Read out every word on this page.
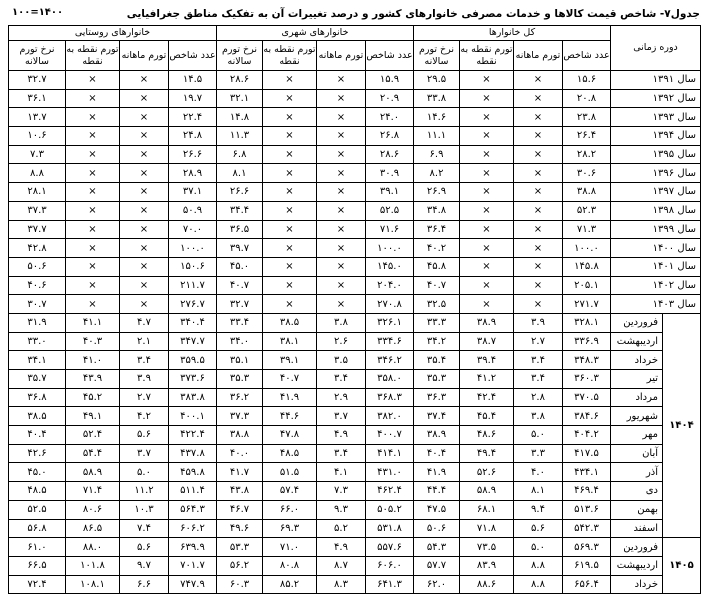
جدول۷- شاخص قیمت کالاها و خدمات مصرفی خانوارهای کشور و درصد تغییرات آن به تفکیک مناطق جغرافیایی
۱۴۰۰=۱۰۰
دوره زمانی		کل خانوارها				خانوارهای شهری				خانوارهای روستایی			
		عدد شاخص	تورم ماهانه	تورم نقطه به نقطه	نرخ تورم سالانه	عدد شاخص	تورم ماهانه	تورم نقطه به نقطه	نرخ تورم سالانه	عدد شاخص	تورم ماهانه	تورم نقطه به نقطه	نرخ تورم سالانه
سال ۱۳۹۱		۱۵.۶	×	×	۲۹.۵	۱۵.۹	×	×	۲۸.۶	۱۴.۵	×	×	۳۲.۷
سال ۱۳۹۲		۲۰.۸	×	×	۳۳.۸	۲۰.۹	×	×	۳۲.۱	۱۹.۷	×	×	۳۶.۱
سال ۱۳۹۳		۲۳.۸	×	×	۱۴.۶	۲۴.۰	×	×	۱۴.۸	۲۲.۴	×	×	۱۳.۷
سال ۱۳۹۴		۲۶.۴	×	×	۱۱.۱	۲۶.۸	×	×	۱۱.۳	۲۴.۸	×	×	۱۰.۶
سال ۱۳۹۵		۲۸.۲	×	×	۶.۹	۲۸.۶	×	×	۶.۸	۲۶.۶	×	×	۷.۳
سال ۱۳۹۶		۳۰.۶	×	×	۸.۲	۳۰.۹	×	×	۸.۱	۲۸.۹	×	×	۸.۸
سال ۱۳۹۷		۳۸.۸	×	×	۲۶.۹	۳۹.۱	×	×	۲۶.۶	۳۷.۱	×	×	۲۸.۱
سال ۱۳۹۸		۵۲.۳	×	×	۳۴.۸	۵۲.۵	×	×	۳۴.۴	۵۰.۹	×	×	۳۷.۳
سال ۱۳۹۹		۷۱.۳	×	×	۳۶.۴	۷۱.۶	×	×	۳۶.۵	۷۰.۰	×	×	۳۷.۷
سال ۱۴۰۰		۱۰۰.۰	×	×	۴۰.۲	۱۰۰.۰	×	×	۳۹.۷	۱۰۰.۰	×	×	۴۲.۸
سال ۱۴۰۱		۱۴۵.۸	×	×	۴۵.۸	۱۴۵.۰	×	×	۴۵.۰	۱۵۰.۶	×	×	۵۰.۶
سال ۱۴۰۲		۲۰۵.۱	×	×	۴۰.۷	۲۰۴.۰	×	×	۴۰.۷	۲۱۱.۷	×	×	۴۰.۶
سال ۱۴۰۳		۲۷۱.۷	×	×	۳۲.۵	۲۷۰.۸	×	×	۳۲.۷	۲۷۶.۷	×	×	۳۰.۷
۱۴۰۴	فروردین	۳۲۸.۱	۳.۹	۳۸.۹	۳۳.۳	۳۲۶.۱	۳.۸	۳۸.۵	۳۳.۴	۳۴۰.۴	۴.۷	۴۱.۱	۳۱.۹
	اردیبهشت	۳۳۶.۹	۲.۷	۳۸.۷	۳۴.۲	۳۳۴.۶	۲.۶	۳۸.۱	۳۴.۰	۳۴۷.۷	۲.۱	۴۰.۳	۳۳.۰
	خرداد	۳۴۸.۳	۳.۴	۳۹.۴	۳۵.۴	۳۴۶.۲	۳.۵	۳۹.۱	۳۵.۱	۳۵۹.۵	۳.۴	۴۱.۰	۳۴.۱
	تیر	۳۶۰.۳	۳.۴	۴۱.۲	۳۵.۳	۳۵۸.۰	۳.۴	۴۰.۷	۳۵.۳	۳۷۳.۶	۳.۹	۴۳.۹	۳۵.۷
	مرداد	۳۷۰.۵	۲.۸	۴۲.۴	۳۶.۳	۳۶۸.۳	۲.۹	۴۱.۹	۳۶.۲	۳۸۳.۸	۲.۷	۴۵.۲	۳۶.۸
	شهریور	۳۸۴.۶	۳.۸	۴۵.۴	۳۷.۴	۳۸۲.۰	۳.۷	۴۴.۶	۳۷.۳	۴۰۰.۱	۴.۲	۴۹.۱	۳۸.۵
	مهر	۴۰۴.۲	۵.۰	۴۸.۶	۳۸.۹	۴۰۰.۷	۴.۹	۴۷.۸	۳۸.۸	۴۲۲.۴	۵.۶	۵۲.۴	۴۰.۴
	آبان	۴۱۷.۵	۳.۳	۴۹.۴	۴۰.۴	۴۱۴.۱	۳.۴	۴۸.۵	۴۰.۰	۴۳۷.۸	۳.۷	۵۴.۴	۴۲.۶
	آذر	۴۳۴.۱	۴.۰	۵۲.۶	۴۱.۹	۴۳۱.۰	۴.۱	۵۱.۵	۴۱.۷	۴۵۹.۸	۵.۰	۵۸.۹	۴۵.۰
	دی	۴۶۹.۴	۸.۱	۵۸.۹	۴۴.۴	۴۶۲.۴	۷.۳	۵۷.۴	۴۳.۸	۵۱۱.۴	۱۱.۲	۷۱.۴	۴۸.۵
	بهمن	۵۱۳.۶	۹.۴	۶۸.۱	۴۷.۵	۵۰۵.۲	۹.۳	۶۶.۰	۴۶.۷	۵۶۴.۳	۱۰.۳	۸۰.۶	۵۲.۵
	اسفند	۵۴۲.۳	۵.۶	۷۱.۸	۵۰.۶	۵۳۱.۸	۵.۲	۶۹.۳	۴۹.۶	۶۰۶.۲	۷.۴	۸۶.۵	۵۶.۸
۱۴۰۵	فروردین	۵۶۹.۳	۵.۰	۷۳.۵	۵۴.۳	۵۵۷.۶	۴.۹	۷۱.۰	۵۳.۳	۶۳۹.۹	۵.۶	۸۸.۰	۶۱.۰
	اردیبهشت	۶۱۹.۵	۸.۸	۸۳.۹	۵۷.۷	۶۰۶.۰	۸.۷	۸۰.۸	۵۶.۲	۷۰۱.۷	۹.۷	۱۰۱.۸	۶۶.۵
	خرداد	۶۵۶.۴	۸.۸	۸۸.۶	۶۲.۰	۶۴۱.۳	۸.۳	۸۵.۲	۶۰.۳	۷۴۷.۹	۶.۶	۱۰۸.۱	۷۲.۴
